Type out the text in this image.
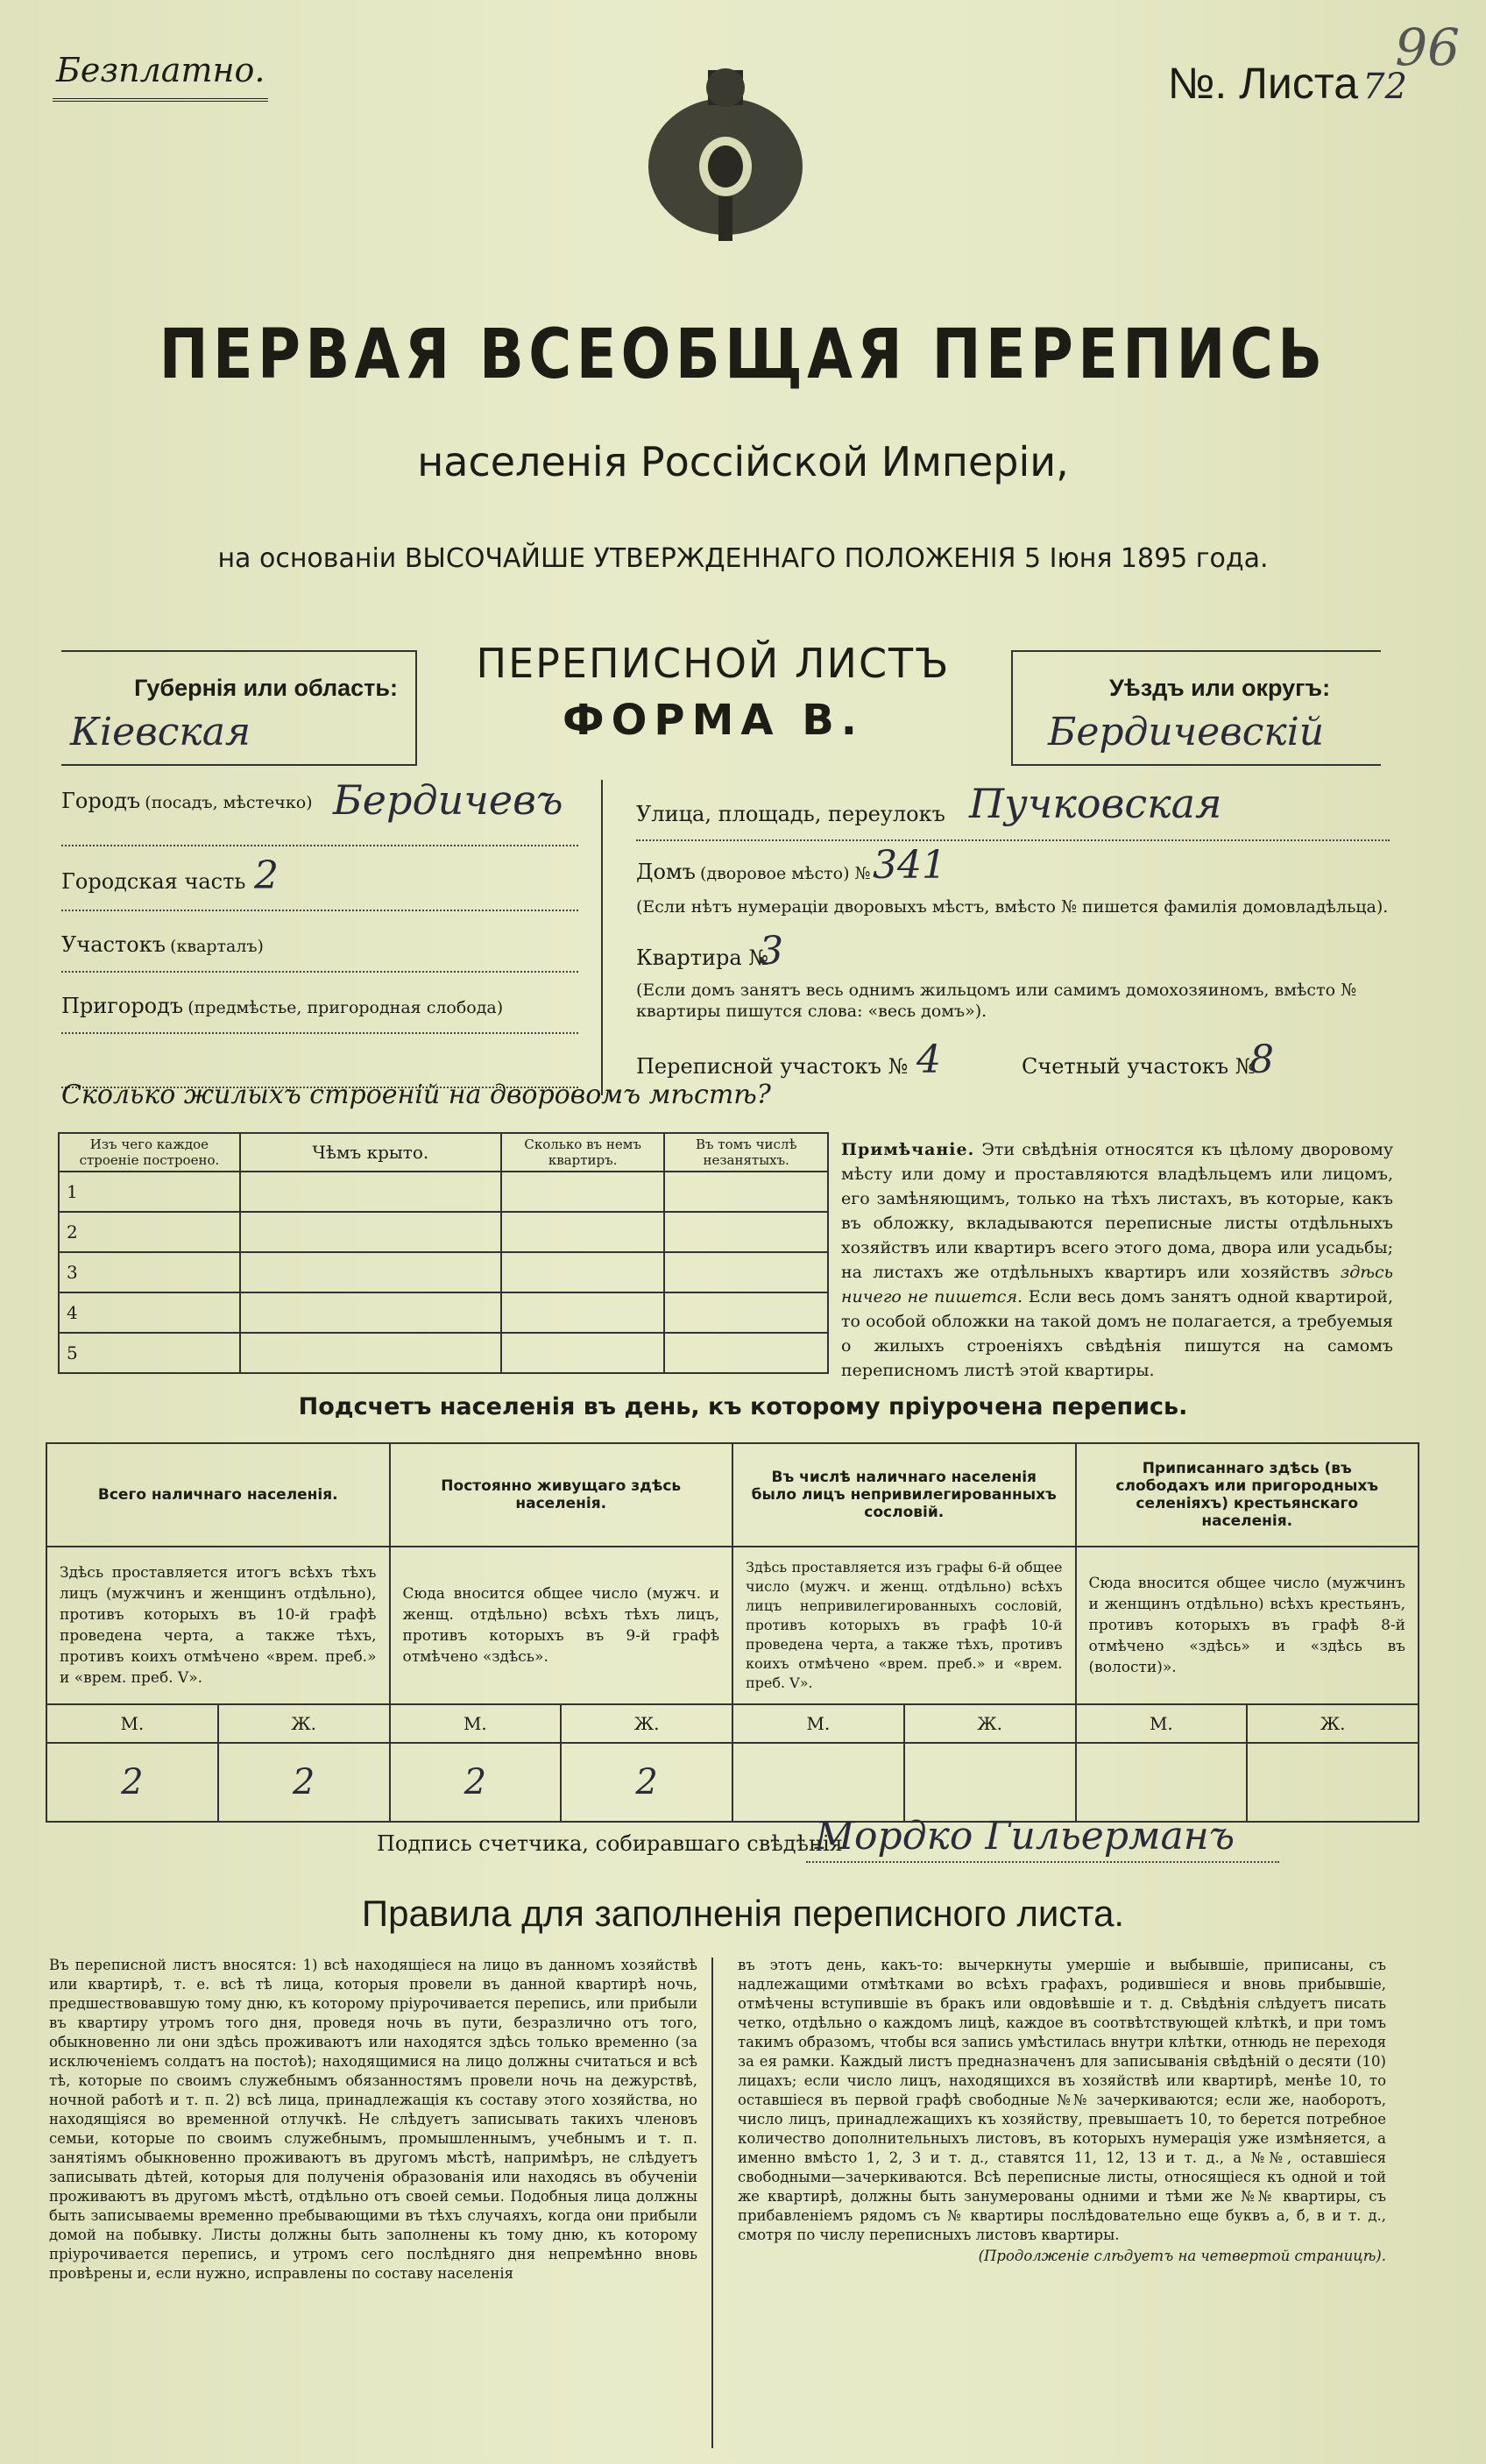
Безплатно.	№. Листа 72
96
ПЕРВАЯ ВСЕОБЩАЯ ПЕРЕПИСЬ
населенія Россійской Имперіи,
на основаніи ВЫСОЧАЙШЕ УТВЕРЖДЕННАГО ПОЛОЖЕНІЯ 5 Іюня 1895 года.
Губернія или область:
Кіевская
ПЕРЕПИСНОЙ ЛИСТЪ
ФОРМА В.
Уѣздъ или округъ:
Бердичевскій
Городъ (посадъ, мѣстечко) Бердичевъ
Городская часть 2
Участокъ (кварталъ)
Пригородъ (предмѣстье, пригородная слобода)
Улица, площадь, переулокъ Пучковская
Домъ (дворовое мѣсто) № 341
(Если нѣтъ нумераціи дворовыхъ мѣстъ, вмѣсто № пишется фамилія домовладѣльца).
Квартира №
3
(Если домъ занятъ весь однимъ жильцомъ или самимъ домохозяиномъ, вмѣсто № квартиры пишутся слова: «весь домъ»).
Переписной участокъ № 4	Счетный участокъ №
8
Сколько жилыхъ строеній на дворовомъ мѣстѣ?
Изъ чего каждое строеніе построено.	Чѣмъ крыто.	Сколько въ немъ квартиръ.	Въ томъ числѣ незанятыхъ.
1			
2			
3			
4			
5			
Примѣчаніе. Эти свѣдѣнія относятся къ цѣлому дворовому мѣсту или дому и проставляются владѣльцемъ или лицомъ, его замѣняющимъ, только на тѣхъ листахъ, въ которые, какъ въ обложку, вкладываются переписные листы отдѣльныхъ хозяйствъ или квартиръ всего этого дома, двора или усадьбы; на листахъ же отдѣльныхъ квартиръ или хозяйствъ здѣсь ничего не пишется. Если весь домъ занятъ одной квартирой, то особой обложки на такой домъ не полагается, а требуемыя о жилыхъ строеніяхъ свѣдѣнія пишутся на самомъ переписномъ листѣ этой квартиры.
Подсчетъ населенія въ день, къ которому пріурочена перепись.
Всего наличнаго населенія.		Постоянно живущаго здѣсь населенія.		Въ числѣ наличнаго населенія было лицъ непривилегированныхъ сословій.		Приписаннаго здѣсь (въ слободахъ или пригородныхъ селеніяхъ) крестьянскаго населенія.	
Здѣсь проставляется итогъ всѣхъ тѣхъ лицъ (мужчинъ и женщинъ отдѣльно), противъ которыхъ въ 10-й графѣ проведена черта, а также тѣхъ, противъ коихъ отмѣчено «врем. преб.» и «врем. преб. V».		Сюда вносится общее число (мужч. и женщ. отдѣльно) всѣхъ тѣхъ лицъ, противъ которыхъ въ 9-й графѣ отмѣчено «здѣсь».		Здѣсь проставляется изъ графы 6-й общее число (мужч. и женщ. отдѣльно) всѣхъ лицъ непривилегированныхъ сословій, противъ которыхъ въ графѣ 10-й проведена черта, а также тѣхъ, противъ коихъ отмѣчено «врем. преб.» и «врем. преб. V».		Сюда вносится общее число (мужчинъ и женщинъ отдѣльно) всѣхъ крестьянъ, противъ которыхъ въ графѣ 8-й отмѣчено «здѣсь» и «здѣсь въ (волости)».	
М.	Ж.	М.	Ж.	М.	Ж.	М.	Ж.
2	2	2	2				
Подпись счетчика, собиравшаго свѣдѣнія
Мордко Гильерманъ
Правила для заполненія переписного листа.
Въ переписной листъ вносятся: 1) всѣ находящіеся на лицо въ данномъ хозяйствѣ или квартирѣ, т. е. всѣ тѣ лица, которыя провели въ данной квартирѣ ночь, предшествовавшую тому дню, къ которому пріурочивается перепись, или прибыли въ квартиру утромъ того дня, проведя ночь въ пути, безразлично отъ того, обыкновенно ли они здѣсь проживаютъ или находятся здѣсь только временно (за исключеніемъ солдатъ на постоѣ); находящимися на лицо должны считаться и всѣ тѣ, которые по своимъ служебнымъ обязанностямъ провели ночь на дежурствѣ, ночной работѣ и т. п. 2) всѣ лица, принадлежащія къ составу этого хозяйства, но находящіяся во временной отлучкѣ. Не слѣдуетъ записывать такихъ членовъ семьи, которые по своимъ служебнымъ, промышленнымъ, учебнымъ и т. п. занятіямъ обыкновенно проживаютъ въ другомъ мѣстѣ, напримѣръ, не слѣдуетъ записывать дѣтей, которыя для полученія образованія или находясь въ обученіи проживаютъ въ другомъ мѣстѣ, отдѣльно отъ своей семьи. Подобныя лица должны быть записываемы временно пребывающими въ тѣхъ случаяхъ, когда они прибыли домой на побывку. Листы должны быть заполнены къ тому дню, къ которому пріурочивается перепись, и утромъ сего послѣдняго дня непремѣнно вновь провѣрены и, если нужно, исправлены по составу населенія
въ этотъ день, какъ-то: вычеркнуты умершіе и выбывшіе, приписаны, съ надлежащими отмѣтками во всѣхъ графахъ, родившіеся и вновь прибывшіе, отмѣчены вступившіе въ бракъ или овдовѣвшіе и т. д. Свѣдѣнія слѣдуетъ писать четко, отдѣльно о каждомъ лицѣ, каждое въ соотвѣтствующей клѣткѣ, и при томъ такимъ образомъ, чтобы вся запись умѣстилась внутри клѣтки, отнюдь не переходя за ея рамки. Каждый листъ предназначенъ для записыванія свѣдѣній о десяти (10) лицахъ; если число лицъ, находящихся въ хозяйствѣ или квартирѣ, менѣе 10, то оставшіеся въ первой графѣ свободные №№ зачеркиваются; если же, наоборотъ, число лицъ, принадлежащихъ къ хозяйству, превышаетъ 10, то берется потребное количество дополнительныхъ листовъ, въ которыхъ нумерація уже измѣняется, а именно вмѣсто 1, 2, 3 и т. д., ставятся 11, 12, 13 и т. д., а №№, оставшіеся свободными—зачеркиваются. Всѣ переписные листы, относящіеся къ одной и той же квартирѣ, должны быть занумерованы одними и тѣми же №№ квартиры, съ прибавленіемъ рядомъ съ № квартиры послѣдовательно еще буквъ а, б, в и т. д., смотря по числу переписныхъ листовъ квартиры.
(Продолженіе слѣдуетъ на четвертой страницѣ).
